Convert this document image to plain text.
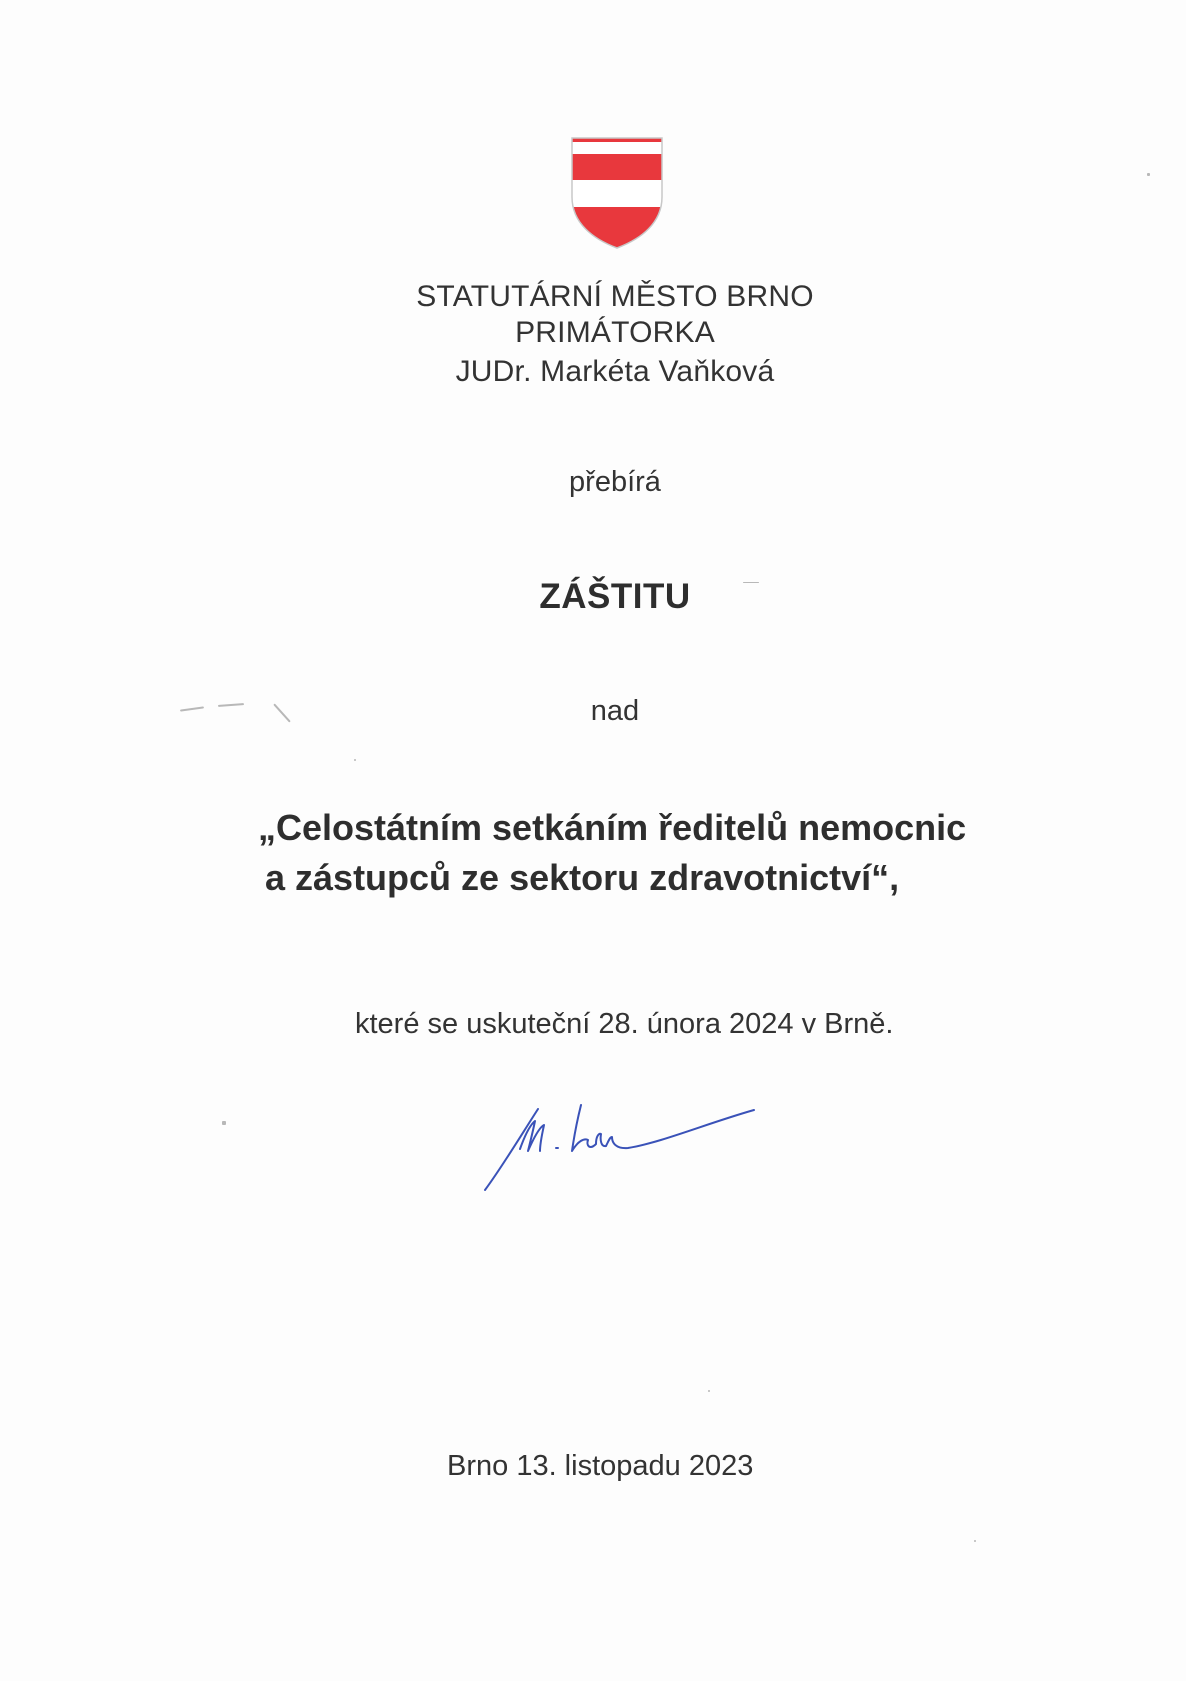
STATUTÁRNÍ MĚSTO BRNO
PRIMÁTORKA
JUDr. Markéta Vaňková
přebírá
ZÁŠTITU
nad
„Celostátním setkáním ředitelů nemocnic
a zástupců ze sektoru zdravotnictví“,
které se uskuteční 28. února 2024 v Brně.
Brno 13. listopadu 2023
